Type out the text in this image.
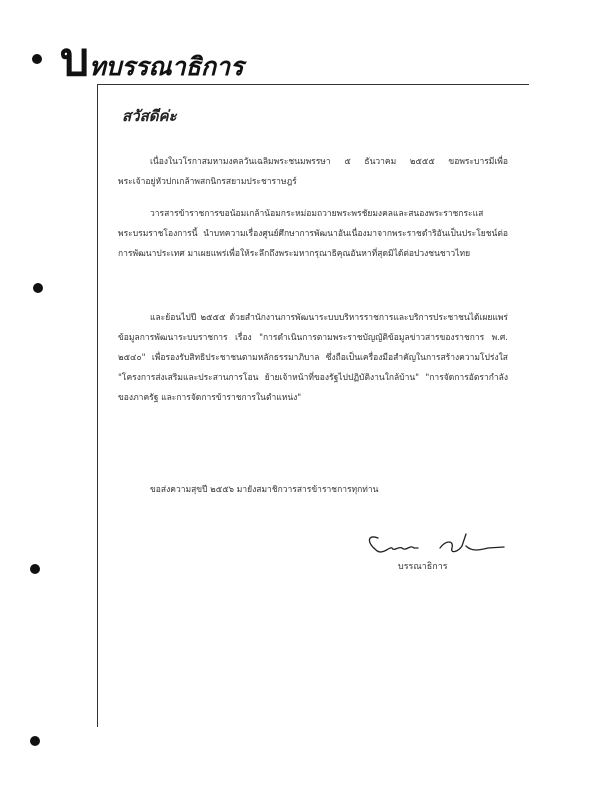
บทบรรณาธิการ

สวัสดีค่ะ

เนื่องในวโรกาสมหามงคลวันเฉลิมพระชนมพรรษา ๕ ธันวาคม ๒๕๕๕ ขอพระบารมีเพื่อพระเจ้าอยู่หัวปกเกล้าพสกนิกรสยามประชาราษฎร์

วารสารข้าราชการขอน้อมเกล้าน้อมกระหม่อมถวายพระพรชัยมงคลและสนองพระราชกระแสพระบรมราชโองการนี้ นำบทความเรื่องศูนย์ศึกษาการพัฒนาอันเนื่องมาจากพระราชดำริอันเป็นประโยชน์ต่อการพัฒนาประเทศ มาเผยแพร่เพื่อให้ระลึกถึงพระมหากรุณาธิคุณอันหาที่สุดมิได้ต่อปวงชนชาวไทย

และย้อนไปปี ๒๕๕๕ ด้วยสำนักงานการพัฒนาระบบบริหารราชการและบริการประชาชนได้เผยแพร่ข้อมูลการพัฒนาระบบราชการ เรื่อง "การดำเนินการตามพระราชบัญญัติข้อมูลข่าวสารของราชการ พ.ศ. ๒๕๔๐" เพื่อรองรับสิทธิประชาชนตามหลักธรรมาภิบาล ซึ่งถือเป็นเครื่องมือสำคัญในการสร้างความโปร่งใส "โครงการส่งเสริมและประสานการโอน ย้ายเจ้าหน้าที่ของรัฐไปปฏิบัติงานใกล้บ้าน" "การจัดการอัตรากำลังของภาครัฐ และการจัดการข้าราชการในตำแหน่ง"

ขอส่งความสุขปี ๒๕๕๖ มายังสมาชิกวารสารข้าราชการทุกท่าน

บรรณาธิการ
